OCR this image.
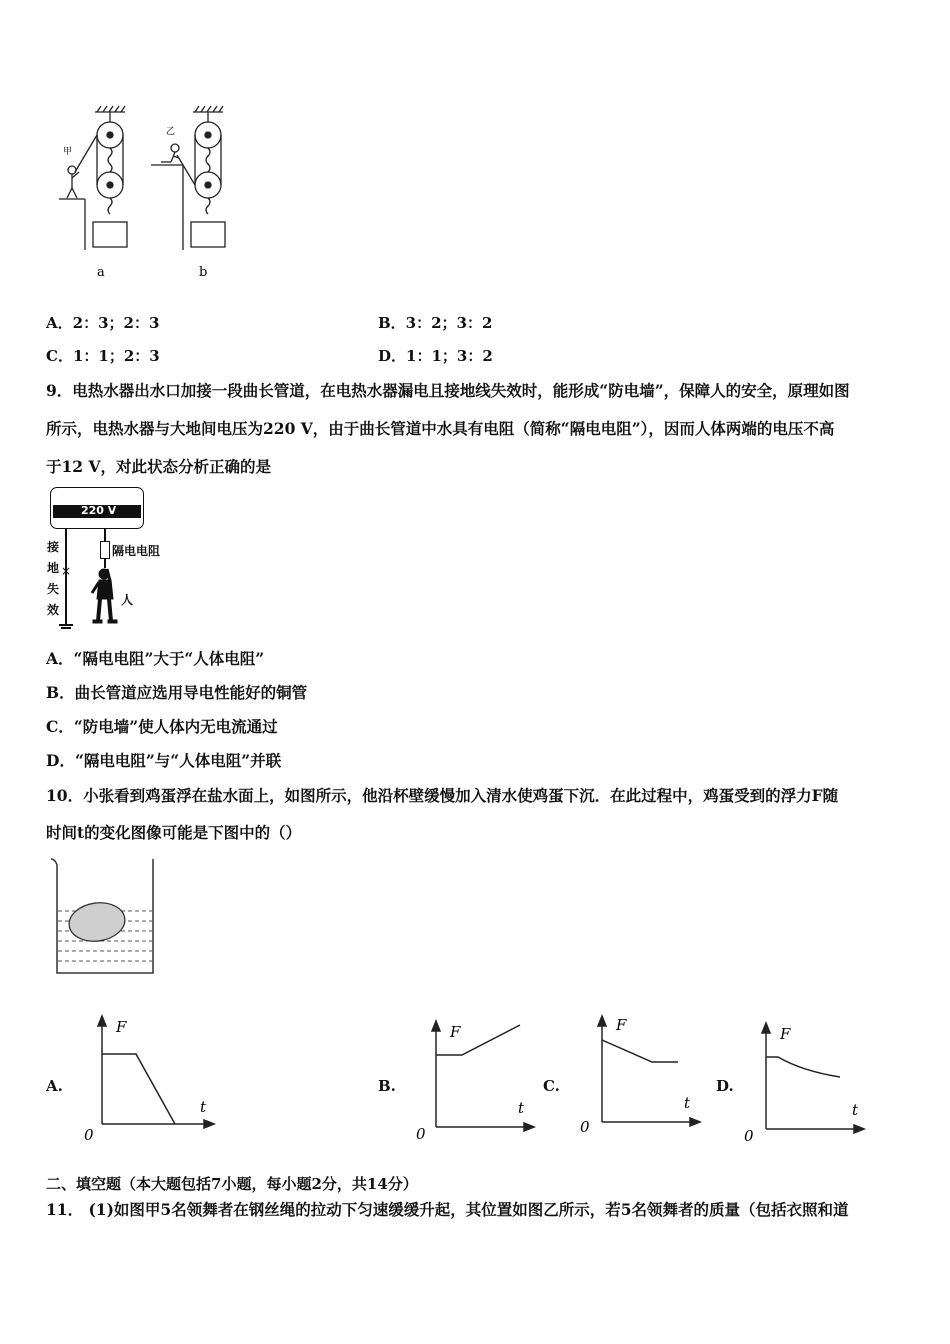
甲
乙
a	b
A．2：3；2：3	B．3：2；3：2
C．1：1；2：3	D．1：1；3：2
9．电热水器出水口加接一段曲长管道，在电热水器漏电且接地线失效时，能形成“防电墙”，保障人的安全，原理如图
所示，电热水器与大地间电压为220 V，由于曲长管道中水具有电阻（简称“隔电电阻”），因而人体两端的电压不高
于12 V，对此状态分析正确的是
220 V
×
接
地
失
效
隔电电阻
人
A．“隔电电阻”大于“人体电阻”
B．曲长管道应选用导电性能好的铜管
C．“防电墙”使人体内无电流通过
D．“隔电电阻”与“人体电阻”并联
10．小张看到鸡蛋浮在盐水面上，如图所示，他沿杯壁缓慢加入清水使鸡蛋下沉．在此过程中，鸡蛋受到的浮力F随
时间t的变化图像可能是下图中的（）
A.	B.	C.	D.
F
t
0
F
t
0
F
t
0
F
t
0
二、填空题（本大题包括7小题，每小题2分，共14分）
11． (1)如图甲5名领舞者在钢丝绳的拉动下匀速缓缓升起，其位置如图乙所示，若5名领舞者的质量（包括衣照和道
